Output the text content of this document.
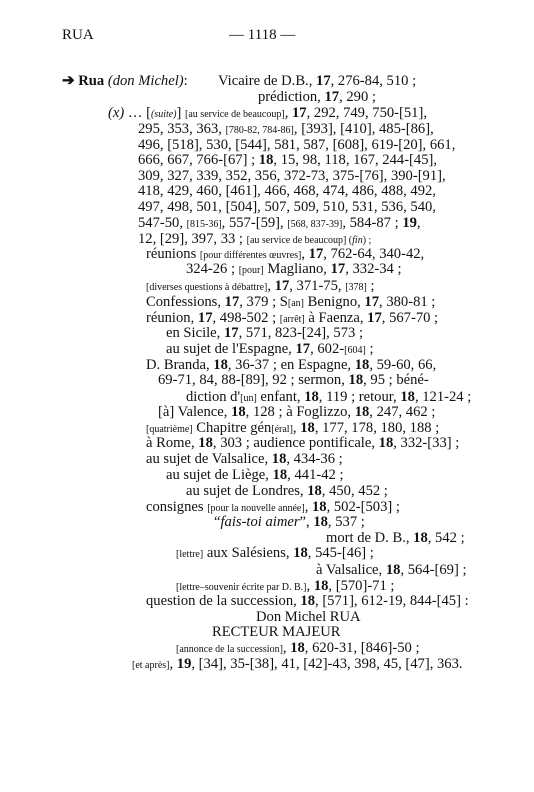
RUA	— 1118 —
➔ Rua (don Michel): Vicaire de D.B., 17, 276-84, 510 ;
prédiction, 17, 290 ;
(x) … [(suite)] [au service de beaucoup], 17, 292, 749, 750-[51],
295, 353, 363, [780-82, 784-86], [393], [410], 485-[86],
496, [518], 530, [544], 581, 587, [608], 619-[20], 661,
666, 667, 766-[67] ; 18, 15, 98, 118, 167, 244-[45],
309, 327, 339, 352, 356, 372-73, 375-[76], 390-[91],
418, 429, 460, [461], 466, 468, 474, 486, 488, 492,
497, 498, 501, [504], 507, 509, 510, 531, 536, 540,
547-50, [815-36], 557-[59], [568, 837-39], 584-87 ; 19,
12, [29], 397, 33 ; [au service de beaucoup] (fin) ;
réunions [pour différentes œuvres], 17, 762-64, 340-42,
324-26 ; [pour] Magliano, 17, 332-34 ;
[diverses questions à débattre], 17, 371-75, [378] ;
Confessions, 17, 379 ; S[an] Benigno, 17, 380-81 ;
réunion, 17, 498-502 ; [arrêt] à Faenza, 17, 567-70 ;
en Sicile, 17, 571, 823-[24], 573 ;
au sujet de l'Espagne, 17, 602-[604] ;
D. Branda, 18, 36-37 ; en Espagne, 18, 59-60, 66,
69-71, 84, 88-[89], 92 ; sermon, 18, 95 ; béné-
diction d'[un] enfant, 18, 119 ; retour, 18, 121-24 ;
[à] Valence, 18, 128 ; à Foglizzo, 18, 247, 462 ;
[quatrième] Chapitre gén[éral], 18, 177, 178, 180, 188 ;
à Rome, 18, 303 ; audience pontificale, 18, 332-[33] ;
au sujet de Valsalice, 18, 434-36 ;
au sujet de Liège, 18, 441-42 ;
au sujet de Londres, 18, 450, 452 ;
consignes [pour la nouvelle année], 18, 502-[503] ;
“fais-toi aimer”, 18, 537 ;
mort de D. B., 18, 542 ;
[lettre] aux Salésiens, 18, 545-[46] ;
à Valsalice, 18, 564-[69] ;
[lettre–souvenir écrite par D. B.], 18, [570]-71 ;
question de la succession, 18, [571], 612-19, 844-[45] :
Don Michel RUA
RECTEUR MAJEUR
[annonce de la succession], 18, 620-31, [846]-50 ;
[et après], 19, [34], 35-[38], 41, [42]-43, 398, 45, [47], 363.
